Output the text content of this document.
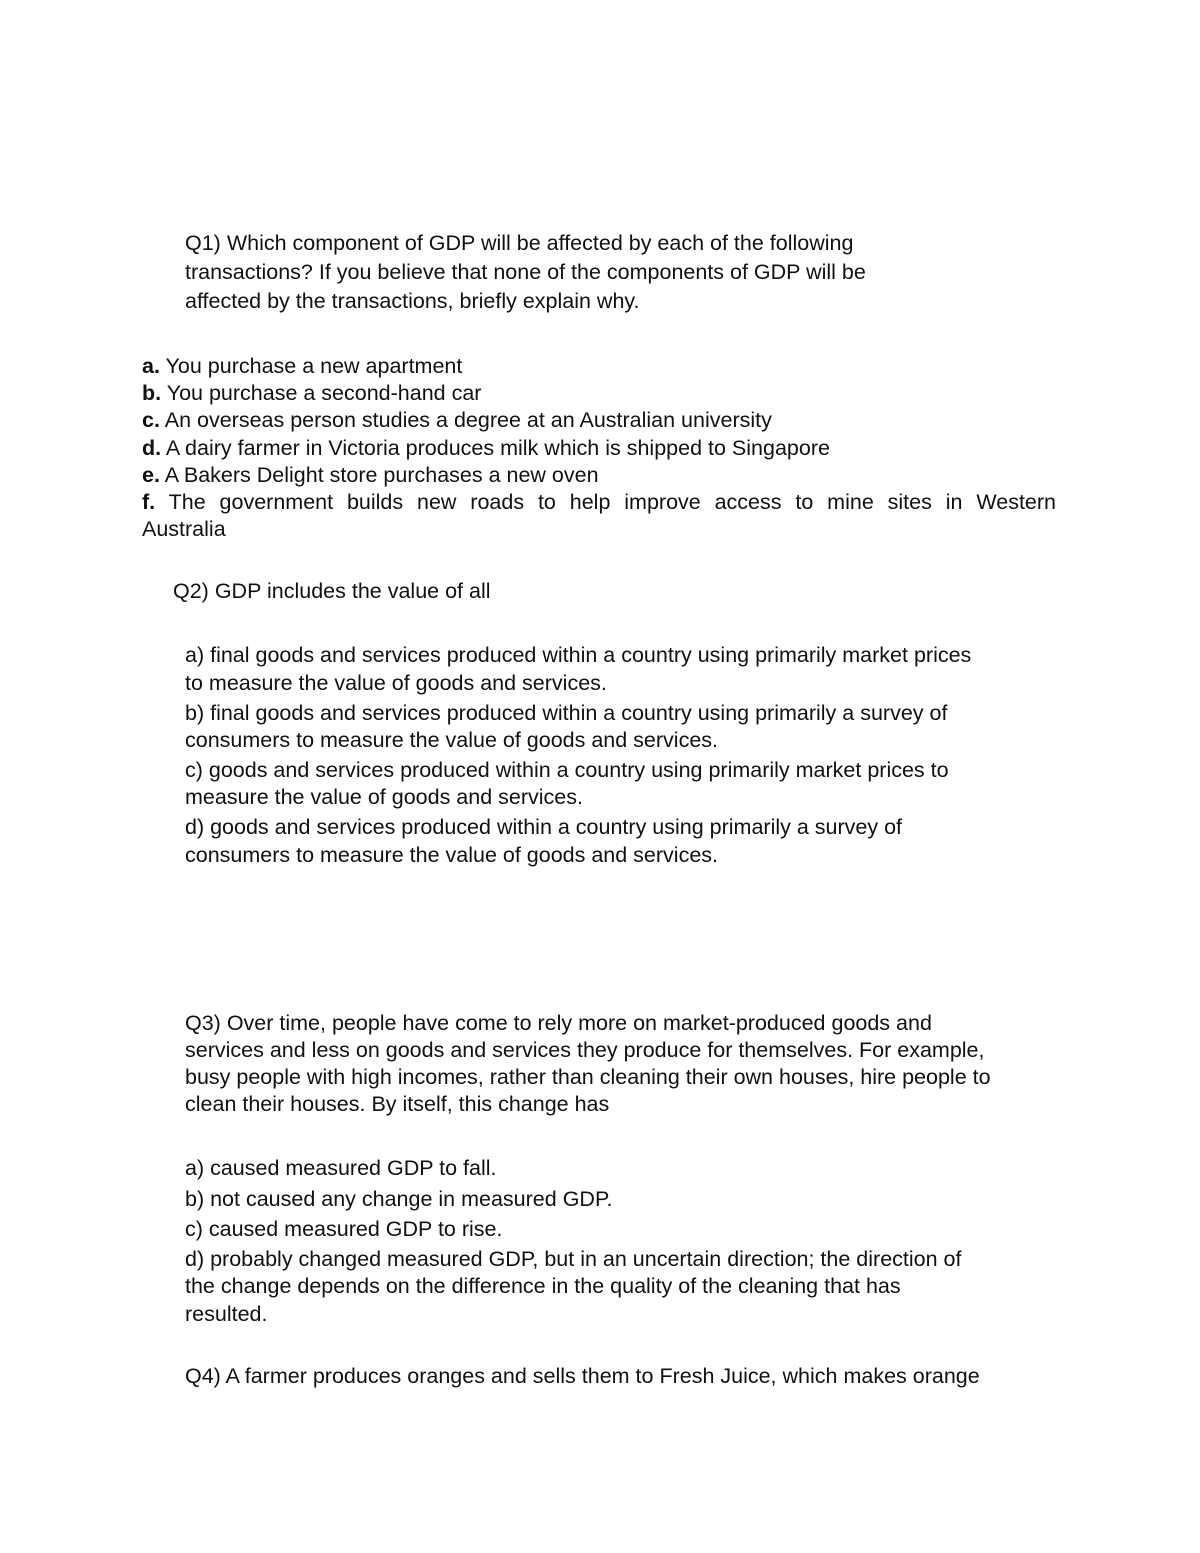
Q1) Which component of GDP will be affected by each of the following
transactions? If you believe that none of the components of GDP will be
affected by the transactions, briefly explain why.
a. You purchase a new apartment
b. You purchase a second-hand car
c. An overseas person studies a degree at an Australian university
d. A dairy farmer in Victoria produces milk which is shipped to Singapore
e. A Bakers Delight store purchases a new oven
f. The government builds new roads to help improve access to mine sites in Western
Australia
Q2) GDP includes the value of all
a) final goods and services produced within a country using primarily market prices
to measure the value of goods and services.
b) final goods and services produced within a country using primarily a survey of
consumers to measure the value of goods and services.
c) goods and services produced within a country using primarily market prices to
measure the value of goods and services.
d) goods and services produced within a country using primarily a survey of
consumers to measure the value of goods and services.
Q3) Over time, people have come to rely more on market-produced goods and
services and less on goods and services they produce for themselves. For example,
busy people with high incomes, rather than cleaning their own houses, hire people to
clean their houses. By itself, this change has
a) caused measured GDP to fall.
b) not caused any change in measured GDP.
c) caused measured GDP to rise.
d) probably changed measured GDP, but in an uncertain direction; the direction of
the change depends on the difference in the quality of the cleaning that has
resulted.
Q4) A farmer produces oranges and sells them to Fresh Juice, which makes orange
